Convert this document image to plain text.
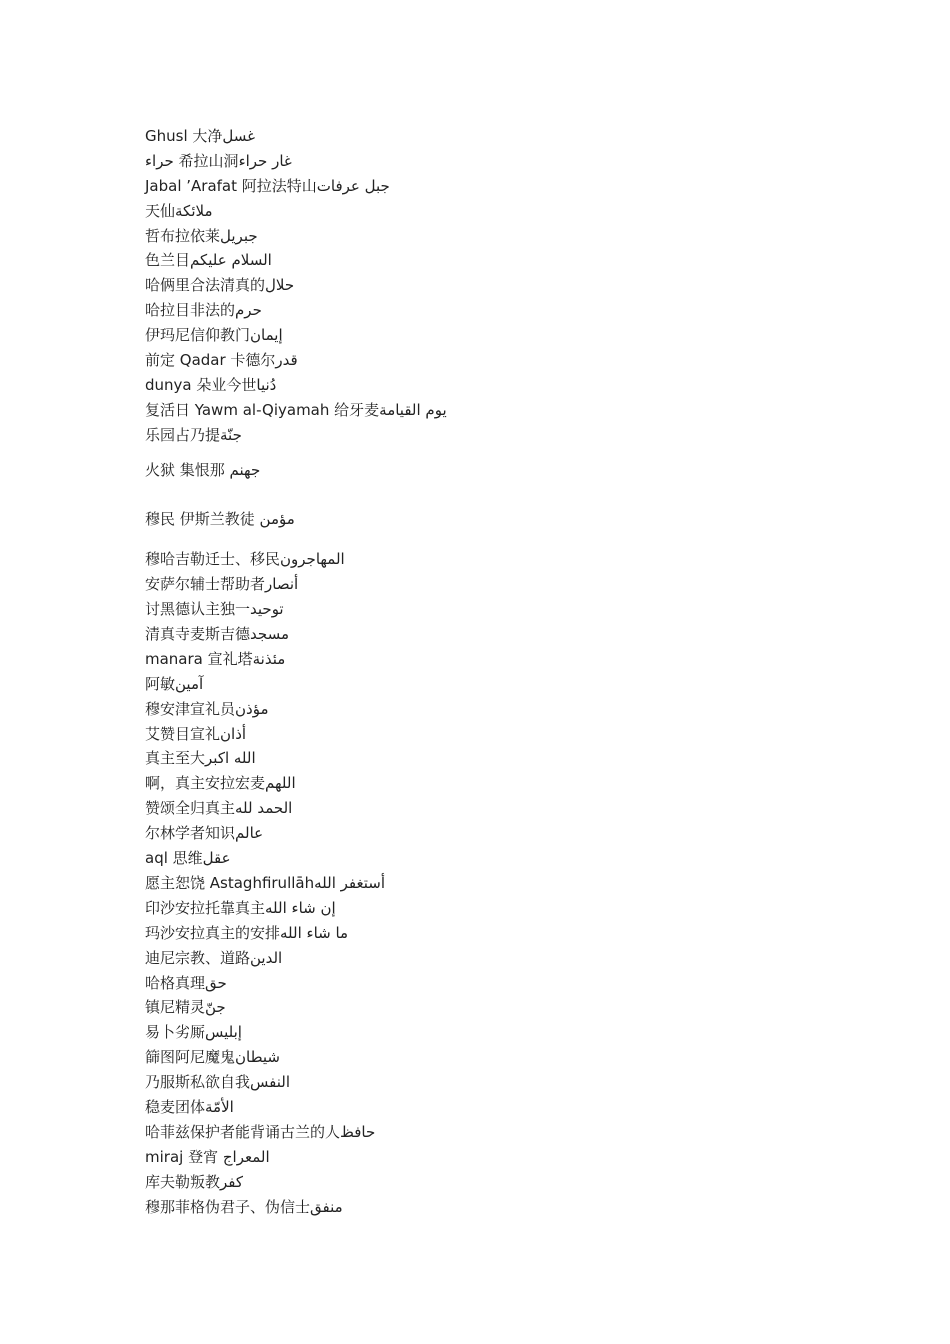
غسلGhusl 大净
غار حراء希拉山洞 حراء
جبل عرفاتJabal ’Arafat 阿拉法特山
ملائكة天仙
جبريل哲布拉依莱
السلام عليكم色兰目
حلال哈俩里合法清真的
حرم哈拉目非法的
إيمان伊玛尼信仰教门
قدر前定 Qadar 卡德尔
دُنياdunya 朵业今世
يوم القيامة复活日 Yawm al-Qiyamah 给牙麦
جنّة乐园占乃提
جهنم 火狱 集恨那
مؤمن 穆民 伊斯兰教徒
المهاجرون穆哈吉勒迁士、移民
أنصار安萨尔辅士帮助者
توحيد讨黑德认主独一
مسجد清真寺麦斯吉德
مئذنةmanara 宣礼塔
آمين阿敏
مؤذن穆安津宣礼员
أذان艾赞目宣礼
الله اكبر真主至大
اللهم啊，真主安拉宏麦
الحمد لله赞颂全归真主
عالم尔林学者知识
عقلaql 思维
أستغفر الله愿主恕饶 Astaghfirullāh
إن شاء الله印沙安拉托靠真主
ما شاء الله玛沙安拉真主的安排
الدين迪尼宗教、道路
حق哈格真理
جنّ镇尼精灵
إبليس易卜劣厮
شيطان篩图阿尼魔鬼
النفس乃服斯私欲自我
الأمّة稳麦团体
حافظ哈菲兹保护者能背诵古兰的人
المعراج miraj 登宵
كفر库夫勒叛教
منفق穆那菲格伪君子、伪信士
